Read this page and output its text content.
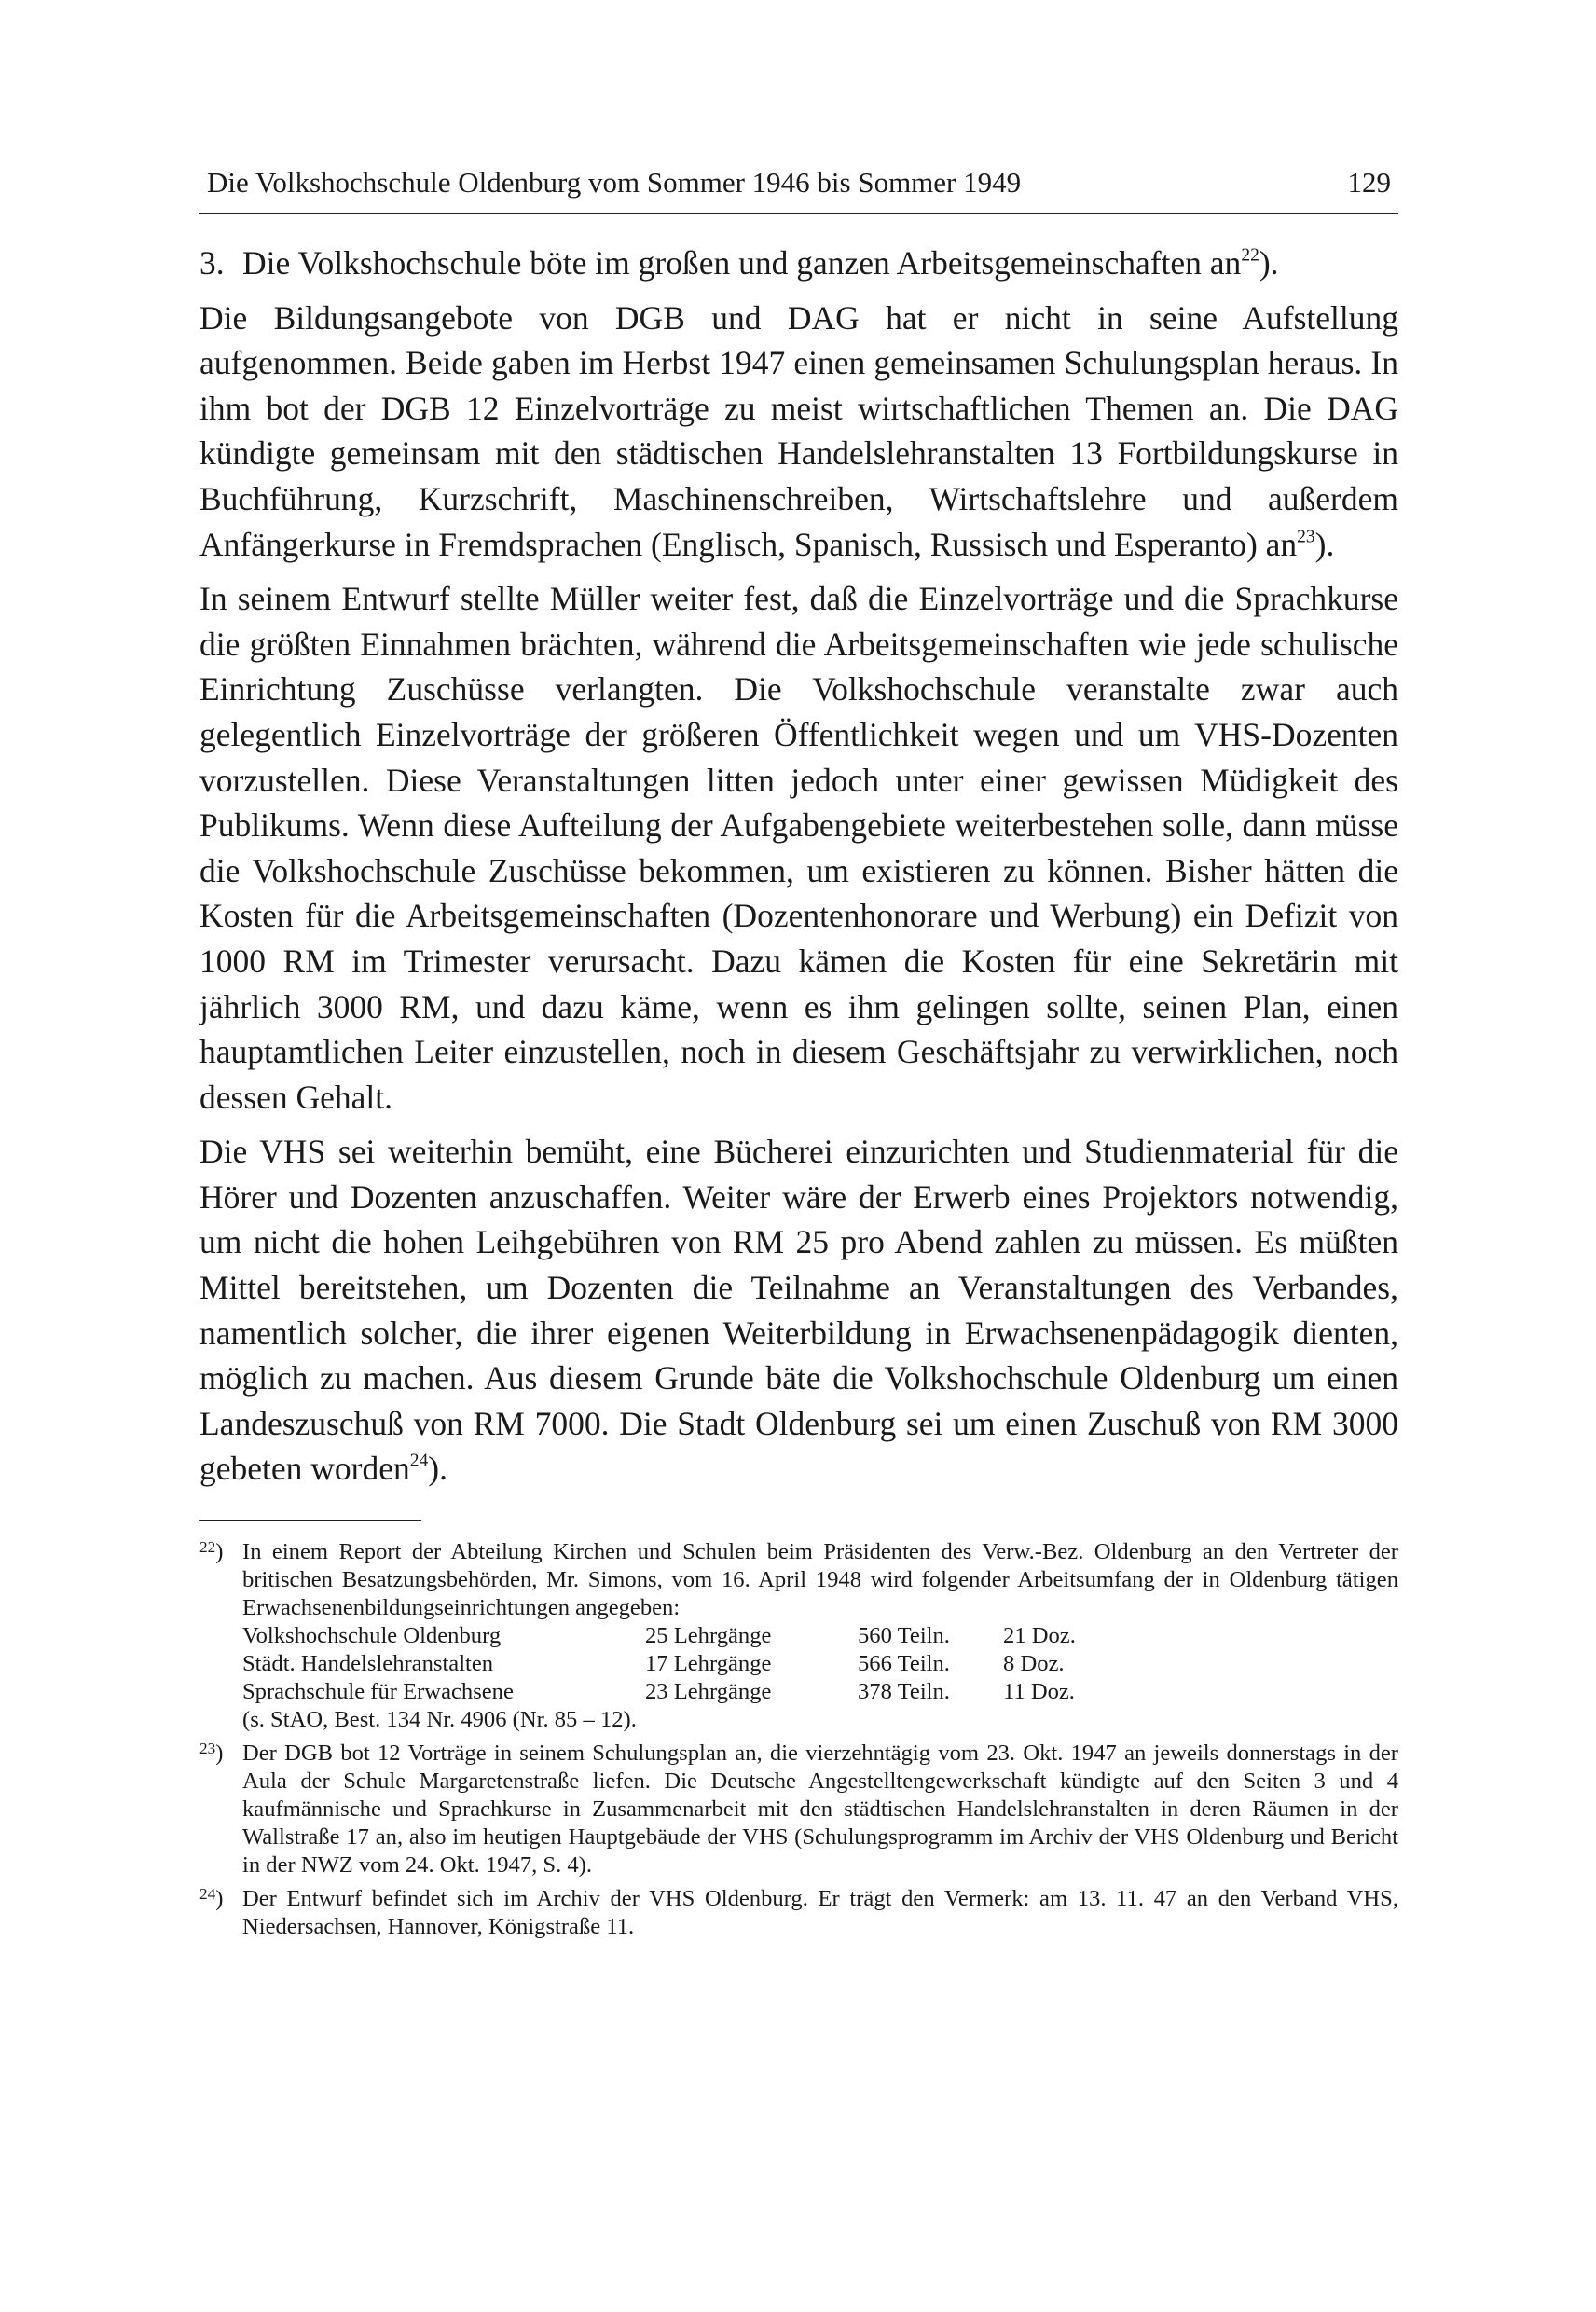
Die Volkshochschule Oldenburg vom Sommer 1946 bis Sommer 1949	129
3. Die Volkshochschule böte im großen und ganzen Arbeitsgemeinschaften $an^{22}$).

Die Bildungsangebote von DGB und DAG hat er nicht in seine Aufstellung aufgenommen. Beide gaben im Herbst 1947 einen gemeinsamen Schulungsplan heraus. In ihm bot der DGB 12 Einzelvorträge zu meist wirtschaftlichen Themen an. Die DAG kündigte gemeinsam mit den städtischen Handelslehranstalten 13 Fortbildungskurse in Buchführung, Kurzschrift, Maschinenschreiben, Wirtschaftslehre und außerdem Anfängerkurse in Fremdsprachen (Englisch, Spanisch, Russisch und Esperanto) $an^{23}$).

In seinem Entwurf stellte Müller weiter fest, daß die Einzelvorträge und die Sprachkurse die größten Einnahmen brächten, während die Arbeitsgemeinschaften wie jede schulische Einrichtung Zuschüsse verlangten. Die Volkshochschule veranstalte zwar auch gelegentlich Einzelvorträge der größeren Öffentlichkeit wegen und um VHS-Dozenten vorzustellen. Diese Veranstaltungen litten jedoch unter einer gewissen Müdigkeit des Publikums. Wenn diese Aufteilung der Aufgabengebiete weiterbestehen solle, dann müsse die Volkshochschule Zuschüsse bekommen, um existieren zu können. Bisher hätten die Kosten für die Arbeitsgemeinschaften (Dozentenhonorare und Werbung) ein Defizit von 1000 RM im Trimester verursacht. Dazu kämen die Kosten für eine Sekretärin mit jährlich 3000 RM, und dazu käme, wenn es ihm gelingen sollte, seinen Plan, einen hauptamtlichen Leiter einzustellen, noch in diesem Geschäftsjahr zu verwirklichen, noch dessen Gehalt.

Die VHS sei weiterhin bemüht, eine Bücherei einzurichten und Studienmaterial für die Hörer und Dozenten anzuschaffen. Weiter wäre der Erwerb eines Projektors notwendig, um nicht die hohen Leihgebühren von RM 25 pro Abend zahlen zu müssen. Es müßten Mittel bereitstehen, um Dozenten die Teilnahme an Veranstaltungen des Verbandes, namentlich solcher, die ihrer eigenen Weiterbildung in Erwachsenenpädagogik dienten, möglich zu machen. Aus diesem Grunde bäte die Volkshochschule Oldenburg um einen Landeszuschuß von RM 7000. Die Stadt Oldenburg sei um einen Zuschuß von RM 3000 gebeten worden$^{24}$).

$^{22}$) In einem Report der Abteilung Kirchen und Schulen beim Präsidenten des Verw.-Bez. Oldenburg an den Vertreter der britischen Besatzungsbehörden, Mr. Simons, vom 16. April 1948 wird folgender Arbeitsumfang der in Oldenburg tätigen Erwachsenenbildungseinrichtungen angegeben:
Volkshochschule Oldenburg	25 Lehrgänge	560 Teiln.	21 Doz.
Städt. Handelslehranstalten	17 Lehrgänge	566 Teiln.	8 Doz.
Sprachschule für Erwachsene	23 Lehrgänge	378 Teiln.	11 Doz.
(s. StAO, Best. 134 Nr. 4906 (Nr. 85 – 12).
$^{23}$) Der DGB bot 12 Vorträge in seinem Schulungsplan an, die vierzehntägig vom 23. Okt. 1947 an jeweils donnerstags in der Aula der Schule Margaretenstraße liefen. Die Deutsche Angestelltengewerkschaft kündigte auf den Seiten 3 und 4 kaufmännische und Sprachkurse in Zusammenarbeit mit den städtischen Handelslehranstalten in deren Räumen in der Wallstraße 17 an, also im heutigen Hauptgebäude der VHS (Schulungsprogramm im Archiv der VHS Oldenburg und Bericht in der NWZ vom 24. Okt. 1947, S. 4).
$^{24}$) Der Entwurf befindet sich im Archiv der VHS Oldenburg. Er trägt den Vermerk: am 13. 11. 47 an den Verband VHS, Niedersachsen, Hannover, Königstraße 11.
